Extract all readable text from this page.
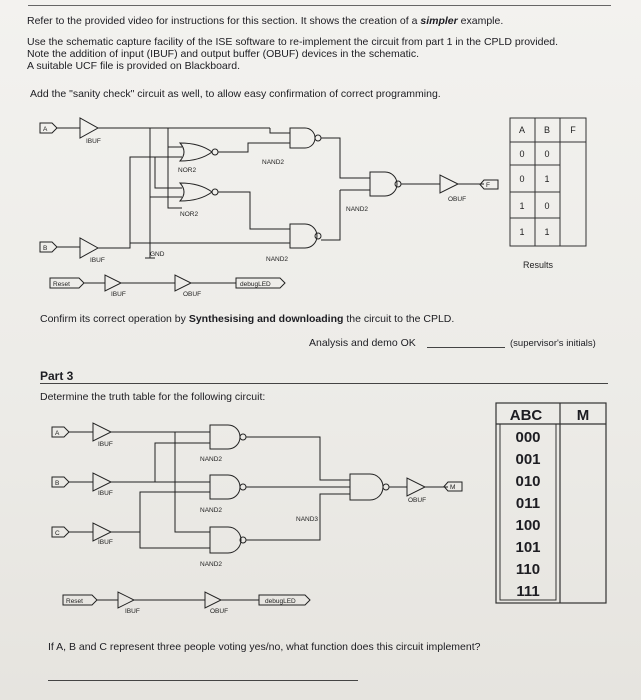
Refer to the provided video for instructions for this section. It shows the creation of a simpler example.
Use the schematic capture facility of the ISE software to re-implement the circuit from part 1 in the CPLD provided.
Note the addition of input (IBUF) and output buffer (OBUF) devices in the schematic.
A suitable UCF file is provided on Blackboard.
Add the "sanity check" circuit as well, to allow easy confirmation of correct programming.
A
IBUF
NOR2
NAND2
NOR2
NAND2
OBUF
F
B
IBUF
GND
NAND2
Reset
IBUF	OBUF
debugLED
A B F
0 0
0 1
1 0
1 1
Results
Confirm its correct operation by Synthesising and downloading the circuit to the CPLD.
Analysis and demo OK	(supervisor's initials)
Part 3
Determine the truth table for the following circuit:
A
IBUF
NAND2
B
IBUF
NAND2
NAND3
OBUF
M
C
IBUF
NAND2
Reset
IBUF	OBUF
debugLED
ABC M
000
001
010
011
100
101
110
111
If A, B and C represent three people voting yes/no, what function does this circuit implement?
